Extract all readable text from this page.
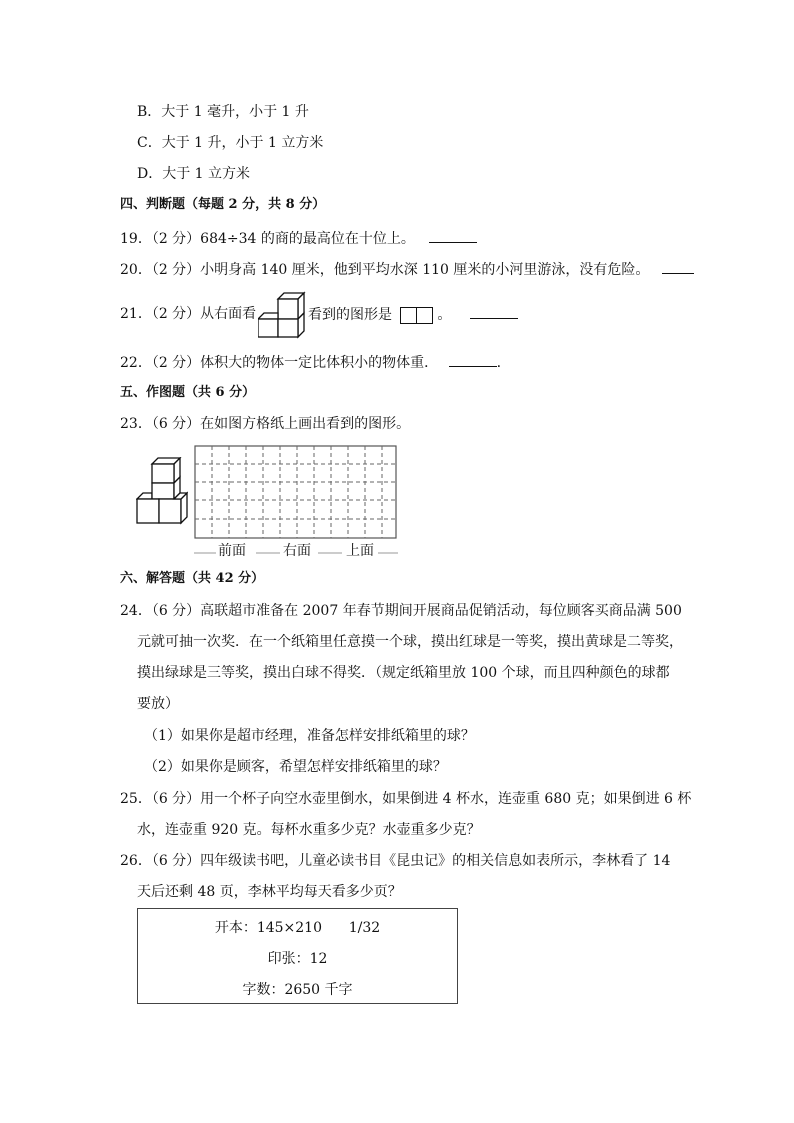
B．大于 1 毫升，小于 1 升
C．大于 1 升，小于 1 立方米
D．大于 1 立方米
四、判断题（每题 2 分，共 8 分）
19．（2 分）684÷34 的商的最高位在十位上。
20．（2 分）小明身高 140 厘米，他到平均水深 110 厘米的小河里游泳，没有危险。
21．（2 分）从右面看	看到的图形是	。
22．（2 分）体积大的物体一定比体积小的物体重．	.
五、作图题（共 6 分）
23．（6 分）在如图方格纸上画出看到的图形。
前面	右面	上面
六、解答题（共 42 分）
24．（6 分）高联超市准备在 2007 年春节期间开展商品促销活动，每位顾客买商品满 500
元就可抽一次奖．在一个纸箱里任意摸一个球，摸出红球是一等奖，摸出黄球是二等奖，
摸出绿球是三等奖，摸出白球不得奖．（规定纸箱里放 100 个球，而且四种颜色的球都
要放）
（1）如果你是超市经理，准备怎样安排纸箱里的球？
（2）如果你是顾客，希望怎样安排纸箱里的球？
25．（6 分）用一个杯子向空水壶里倒水，如果倒进 4 杯水，连壶重 680 克；如果倒进 6 杯
水，连壶重 920 克。每杯水重多少克？水壶重多少克？
26．（6 分）四年级读书吧，儿童必读书目《昆虫记》的相关信息如表所示，李林看了 14
天后还剩 48 页，李林平均每天看多少页？
开本：145×210      1/32
印张：12
字数：2650 千字
